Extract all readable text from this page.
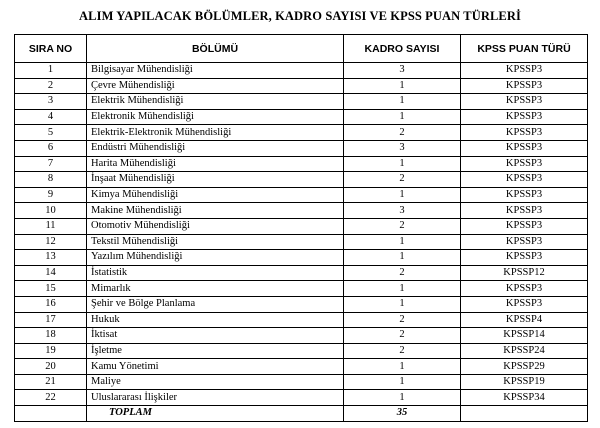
ALIM YAPILACAK BÖLÜMLER, KADRO SAYISI VE KPSS PUAN TÜRLERİ
SIRA NO	BÖLÜMÜ	KADRO SAYISI	KPSS PUAN TÜRÜ
1	Bilgisayar Mühendisliği	3	KPSSP3
2	Çevre Mühendisliği	1	KPSSP3
3	Elektrik Mühendisliği	1	KPSSP3
4	Elektronik Mühendisliği	1	KPSSP3
5	Elektrik-Elektronik Mühendisliği	2	KPSSP3
6	Endüstri Mühendisliği	3	KPSSP3
7	Harita Mühendisliği	1	KPSSP3
8	İnşaat Mühendisliği	2	KPSSP3
9	Kimya Mühendisliği	1	KPSSP3
10	Makine Mühendisliği	3	KPSSP3
11	Otomotiv Mühendisliği	2	KPSSP3
12	Tekstil Mühendisliği	1	KPSSP3
13	Yazılım Mühendisliği	1	KPSSP3
14	İstatistik	2	KPSSP12
15	Mimarlık	1	KPSSP3
16	Şehir ve Bölge Planlama	1	KPSSP3
17	Hukuk	2	KPSSP4
18	İktisat	2	KPSSP14
19	İşletme	2	KPSSP24
20	Kamu Yönetimi	1	KPSSP29
21	Maliye	1	KPSSP19
22	Uluslararası İlişkiler	1	KPSSP34
	TOPLAM	35	
